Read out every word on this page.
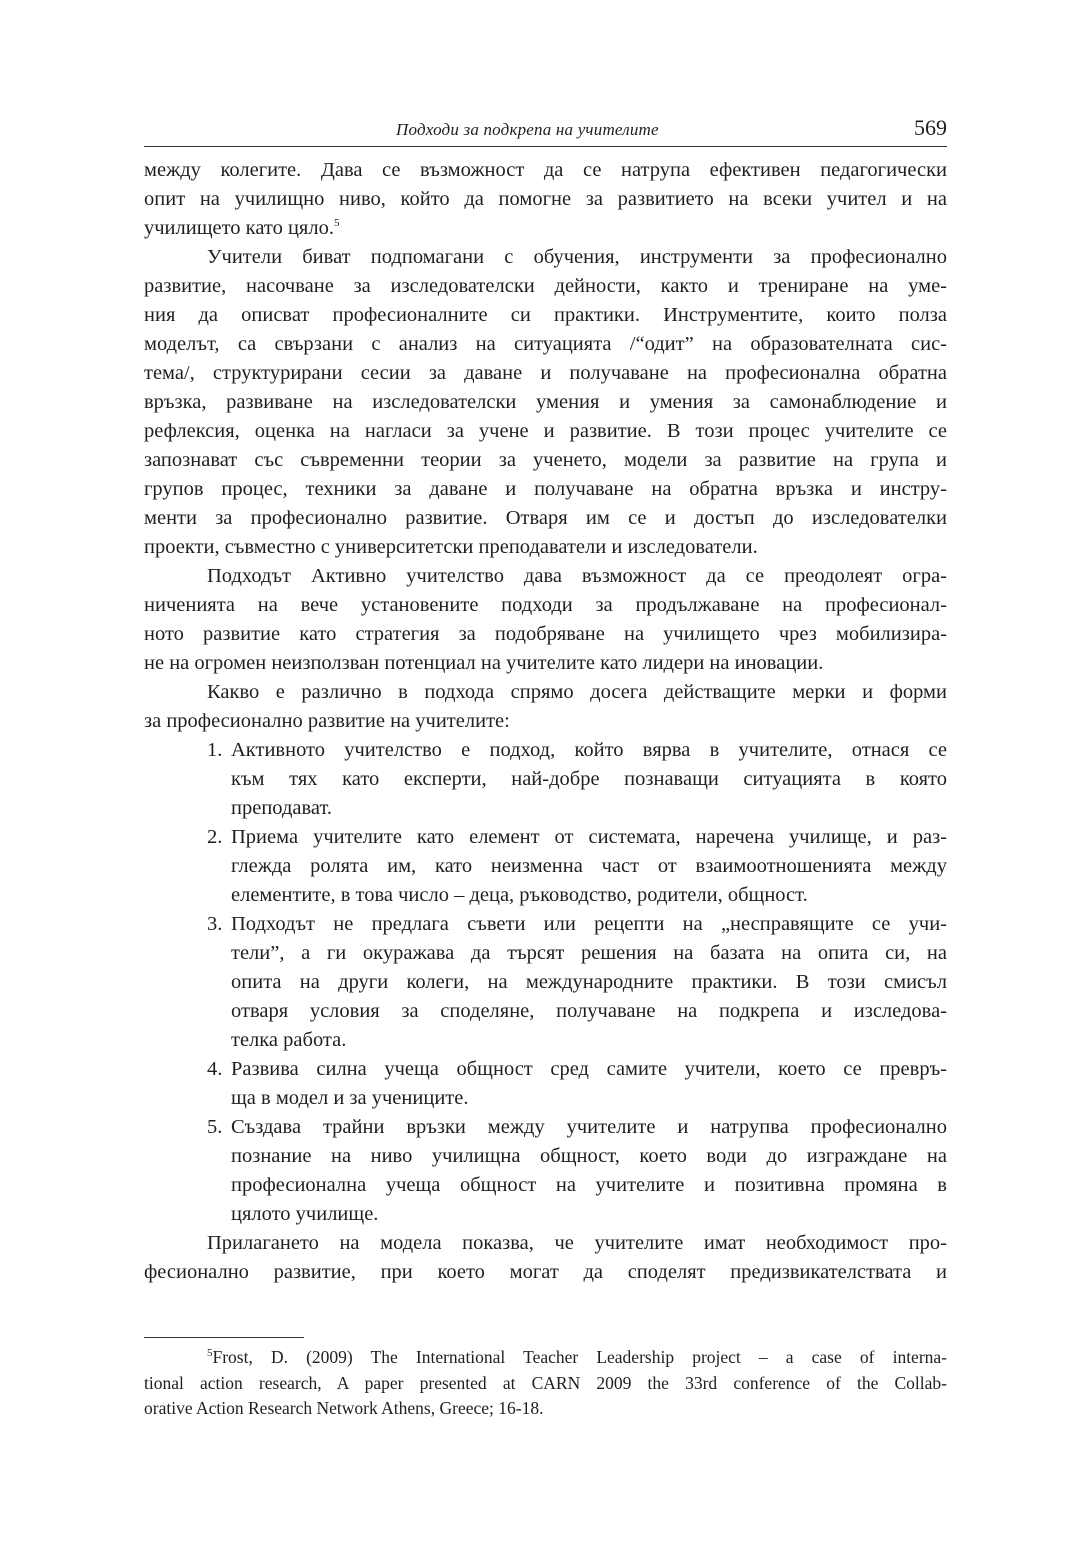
Подходи за подкрепа на учителите	569

между колегите. Дава се възможност да се натрупа ефективен педагогически
опит на училищно ниво, който да помогне за развитието на всеки учител и на
училището като цяло.$^5$

Учители биват подпомагани с обучения, инструменти за професионално
развитие, насочване за изследователски дейности, както и трениране на уме-
ния да описват професионалните си практики. Инструментите, които полза
моделът, са свързани с анализ на ситуацията /“одит” на образователната сис-
тема/, структурирани сесии за даване и получаване на професионална обратна
връзка, развиване на изследователски умения и умения за самонаблюдение и
рефлексия, оценка на нагласи за учене и развитие. В този процес учителите се
запознават със съвременни теории за ученето, модели за развитие на група и
групов процес, техники за даване и получаване на обратна връзка и инстру-
менти за професионално развитие. Отваря им се и достъп до изследователки
проекти, съвместно с университетски преподаватели и изследователи.

Подходът Активно учителство дава възможност да се преодолеят огра-
ниченията на вече установените подходи за продължаване на професионал-
ното развитие като стратегия за подобряване на училището чрез мобилизира-
не на огромен неизползван потенциал на учителите като лидери на иновации.

Какво е различно в подхода спрямо досега действащите мерки и форми
за професионално развитие на учителите:

1. Активното учителство е подход, който вярва в учителите, отнася се
към тях като експерти, най-добре познаващи ситуацията в която
преподават.
2. Приема учителите като елемент от системата, наречена училище, и раз-
глежда ролята им, като неизменна част от взаимоотношенията между
елементите, в това число – деца, ръководство, родители, общност.
3. Подходът не предлага съвети или рецепти на „несправящите се учи-
тели”, а ги окуражава да търсят решения на базата на опита си, на
опита на други колеги, на международните практики. В този смисъл
отваря условия за споделяне, получаване на подкрепа и изследова-
телка работа.
4. Развива силна учеща общност сред самите учители, което се превръ-
ща в модел и за учениците.
5. Създава трайни връзки между учителите и натрупва професионално
познание на ниво училищна общност, което води до изграждане на
професионална учеща общност на учителите и позитивна промяна в
цялото училище.

Прилагането на модела показва, че учителите имат необходимост про-
фесионално развитие, при което могат да споделят предизвикателствата и

$^5$Frost, D. (2009) The International Teacher Leadership project – a case of interna-
tional action research, A paper presented at CARN 2009 the 33rd conference of the Collab-
orative Action Research Network Athens, Greece; 16-18.
